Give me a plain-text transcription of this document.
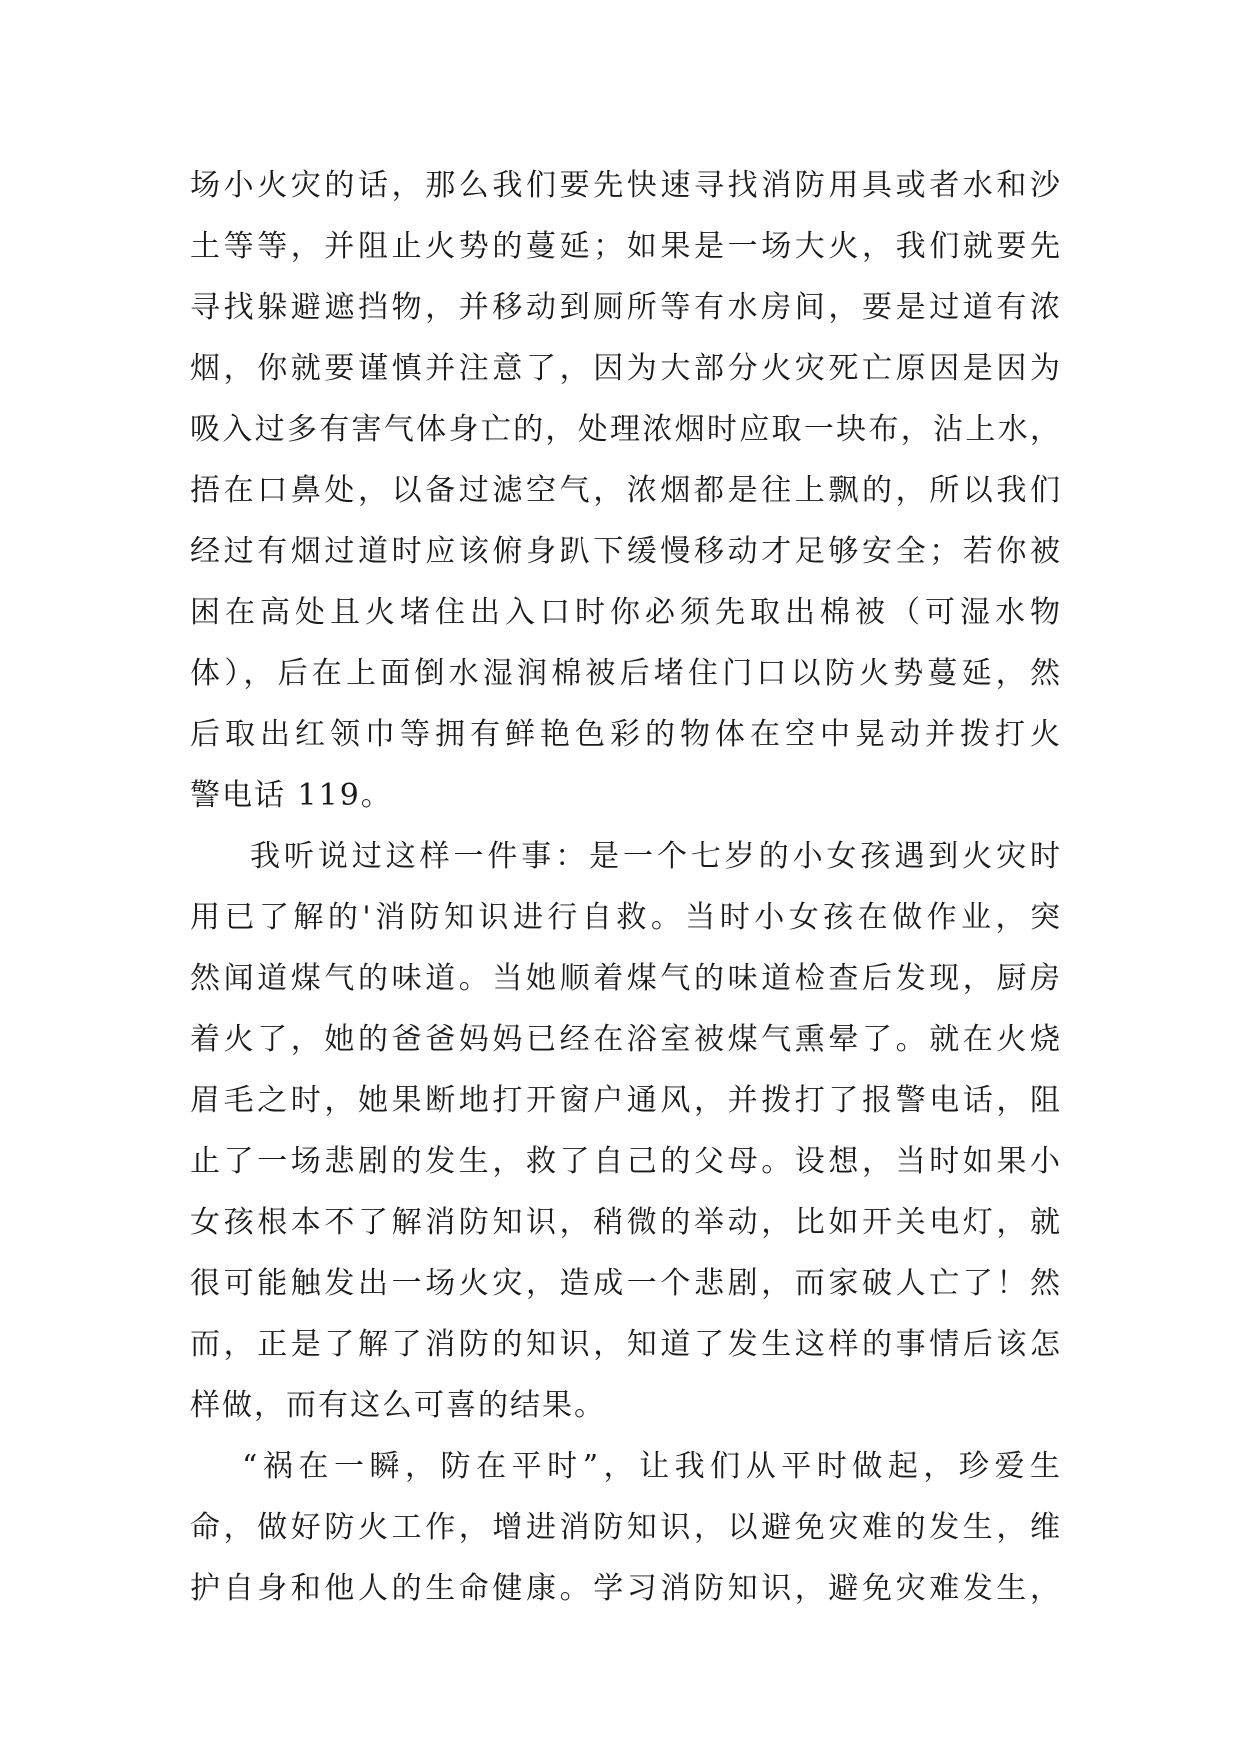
场小火灾的话，那么我们要先快速寻找消防用具或者水和沙
土等等，并阻止火势的蔓延；如果是一场大火，我们就要先
寻找躲避遮挡物，并移动到厕所等有水房间，要是过道有浓
烟，你就要谨慎并注意了，因为大部分火灾死亡原因是因为
吸入过多有害气体身亡的，处理浓烟时应取一块布，沾上水，
捂在口鼻处，以备过滤空气，浓烟都是往上飘的，所以我们
经过有烟过道时应该俯身趴下缓慢移动才足够安全；若你被
困在高处且火堵住出入口时你必须先取出棉被（可湿水物
体），后在上面倒水湿润棉被后堵住门口以防火势蔓延，然
后取出红领巾等拥有鲜艳色彩的物体在空中晃动并拨打火
警电话 119。
我听说过这样一件事：是一个七岁的小女孩遇到火灾时
用已了解的'消防知识进行自救。当时小女孩在做作业，突
然闻道煤气的味道。当她顺着煤气的味道检查后发现，厨房
着火了，她的爸爸妈妈已经在浴室被煤气熏晕了。就在火烧
眉毛之时，她果断地打开窗户通风，并拨打了报警电话，阻
止了一场悲剧的发生，救了自己的父母。设想，当时如果小
女孩根本不了解消防知识，稍微的举动，比如开关电灯，就
很可能触发出一场火灾，造成一个悲剧，而家破人亡了！然
而，正是了解了消防的知识，知道了发生这样的事情后该怎
样做，而有这么可喜的结果。
“祸在一瞬，防在平时”，让我们从平时做起，珍爱生
命，做好防火工作，增进消防知识，以避免灾难的发生，维
护自身和他人的生命健康。学习消防知识，避免灾难发生，
